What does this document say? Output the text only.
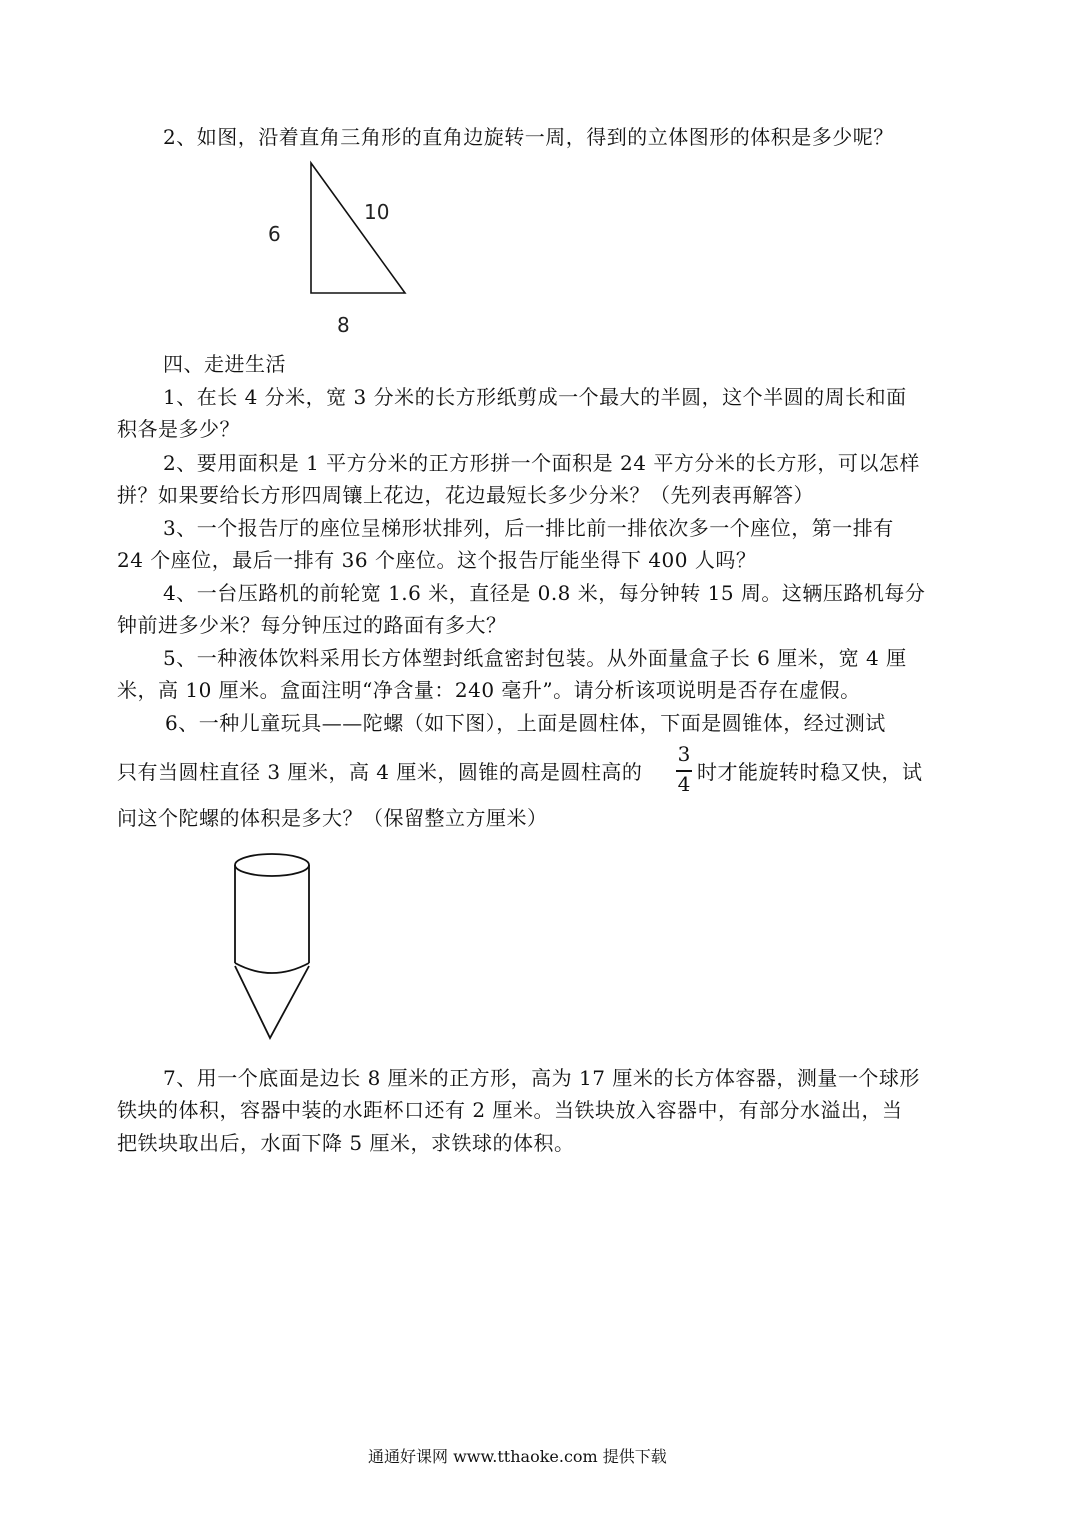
2、如图，沿着直角三角形的直角边旋转一周，得到的立体图形的体积是多少呢？
6
10
8
四、走进生活
1、在长 4 分米，宽 3 分米的长方形纸剪成一个最大的半圆，这个半圆的周长和面
积各是多少？
2、要用面积是 1 平方分米的正方形拼一个面积是 24 平方分米的长方形，可以怎样
拼？如果要给长方形四周镶上花边，花边最短长多少分米？（先列表再解答）
3、一个报告厅的座位呈梯形状排列，后一排比前一排依次多一个座位，第一排有
24 个座位，最后一排有 36 个座位。这个报告厅能坐得下 400 人吗？
4、一台压路机的前轮宽 1.6 米，直径是 0.8 米，每分钟转 15 周。这辆压路机每分
钟前进多少米？每分钟压过的路面有多大？
5、一种液体饮料采用长方体塑封纸盒密封包装。从外面量盒子长 6 厘米，宽 4 厘
米，高 10 厘米。盒面注明“净含量：240 毫升”。请分析该项说明是否存在虚假。
6、一种儿童玩具——陀螺（如下图），上面是圆柱体，下面是圆锥体，经过测试
只有当圆柱直径 3 厘米，高 4 厘米，圆锥的高是圆柱高的
3
4 时才能旋转时稳又快，试
问这个陀螺的体积是多大？（保留整立方厘米）
7、用一个底面是边长 8 厘米的正方形，高为 17 厘米的长方体容器，测量一个球形
铁块的体积，容器中装的水距杯口还有 2 厘米。当铁块放入容器中，有部分水溢出，当
把铁块取出后，水面下降 5 厘米，求铁球的体积。
通通好课网 www.tthaoke.com 提供下载
